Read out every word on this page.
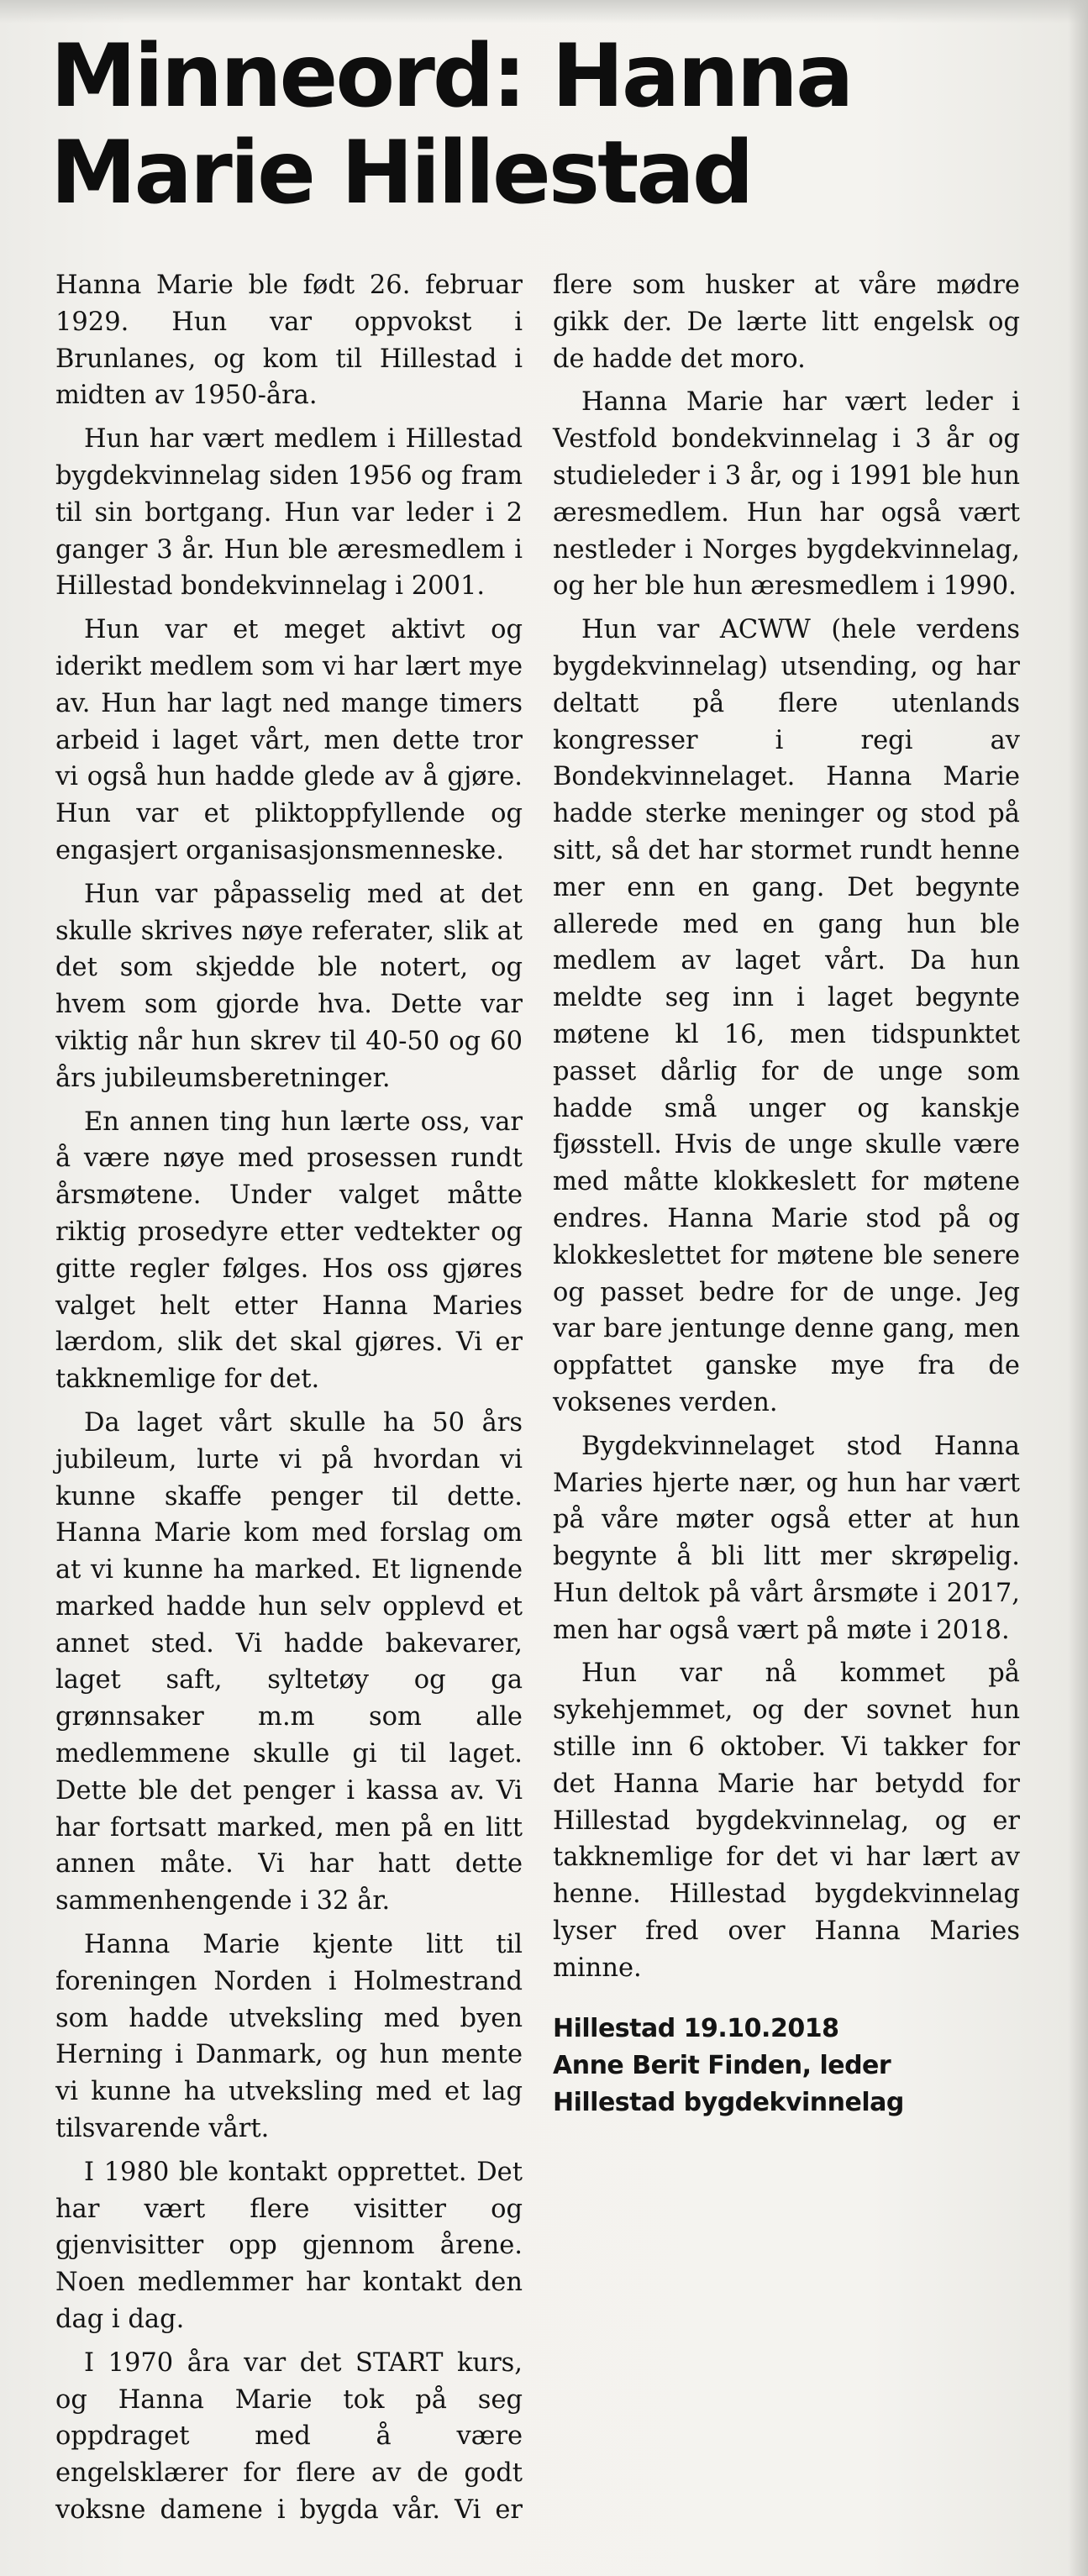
Minneord: Hanna
Marie Hillestad

Hanna Marie ble født 26. februar 1929. Hun var oppvokst i Brunlanes, og kom til Hillestad i midten av 1950-åra.

Hun har vært medlem i Hillestad bygdekvinnelag siden 1956 og fram til sin bortgang. Hun var leder i 2 ganger 3 år. Hun ble æresmedlem i Hillestad bondekvinnelag i 2001.

Hun var et meget aktivt og iderikt medlem som vi har lært mye av. Hun har lagt ned mange timers arbeid i laget vårt, men dette tror vi også hun hadde glede av å gjøre. Hun var et pliktoppfyllende og engasjert organisasjonsmenneske.

Hun var påpasselig med at det skulle skrives nøye referater, slik at det som skjedde ble notert, og hvem som gjorde hva. Dette var viktig når hun skrev til 40-50 og 60 års jubileumsberetninger.

En annen ting hun lærte oss, var å være nøye med prosessen rundt årsmøtene. Under valget måtte riktig prosedyre etter vedtekter og gitte regler følges. Hos oss gjøres valget helt etter Hanna Maries lærdom, slik det skal gjøres. Vi er takknemlige for det.

Da laget vårt skulle ha 50 års jubileum, lurte vi på hvordan vi kunne skaffe penger til dette. Hanna Marie kom med forslag om at vi kunne ha marked. Et lignende marked hadde hun selv opplevd et annet sted. Vi hadde bakevarer, laget saft, syltetøy og ga grønnsaker m.m som alle medlemmene skulle gi til laget. Dette ble det penger i kassa av. Vi har fortsatt marked, men på en litt annen måte. Vi har hatt dette sammenhengende i 32 år.

Hanna Marie kjente litt til foreningen Norden i Holmestrand som hadde utveksling med byen Herning i Danmark, og hun mente vi kunne ha utveksling med et lag tilsvarende vårt.

I 1980 ble kontakt opprettet. Det har vært flere visitter og gjenvisitter opp gjennom årene. Noen medlemmer har kontakt den dag i dag.

I 1970 åra var det START kurs, og Hanna Marie tok på seg oppdraget med å være engelsklærer for flere av de godt voksne damene i bygda vår. Vi er flere som husker at våre mødre gikk der. De lærte litt engelsk og de hadde det moro.

Hanna Marie har vært leder i Vestfold bondekvinnelag i 3 år og studieleder i 3 år, og i 1991 ble hun æresmedlem. Hun har også vært nestleder i Norges bygdekvinnelag, og her ble hun æresmedlem i 1990.

Hun var ACWW (hele verdens bygdekvinnelag) utsending, og har deltatt på flere utenlands kongresser i regi av Bondekvinnelaget. Hanna Marie hadde sterke meninger og stod på sitt, så det har stormet rundt henne mer enn en gang. Det begynte allerede med en gang hun ble medlem av laget vårt. Da hun meldte seg inn i laget begynte møtene kl 16, men tidspunktet passet dårlig for de unge som hadde små unger og kanskje fjøsstell. Hvis de unge skulle være med måtte klokkeslett for møtene endres. Hanna Marie stod på og klokkeslettet for møtene ble senere og passet bedre for de unge. Jeg var bare jentunge denne gang, men oppfattet ganske mye fra de voksenes verden.

Bygdekvinnelaget stod Hanna Maries hjerte nær, og hun har vært på våre møter også etter at hun begynte å bli litt mer skrøpelig. Hun deltok på vårt årsmøte i 2017, men har også vært på møte i 2018.

Hun var nå kommet på sykehjemmet, og der sovnet hun stille inn 6 oktober. Vi takker for det Hanna Marie har betydd for Hillestad bygdekvinnelag, og er takknemlige for det vi har lært av henne. Hillestad bygdekvinnelag lyser fred over Hanna Maries minne.

Hillestad 19.10.2018
Anne Berit Finden, leder
Hillestad bygdekvinnelag
